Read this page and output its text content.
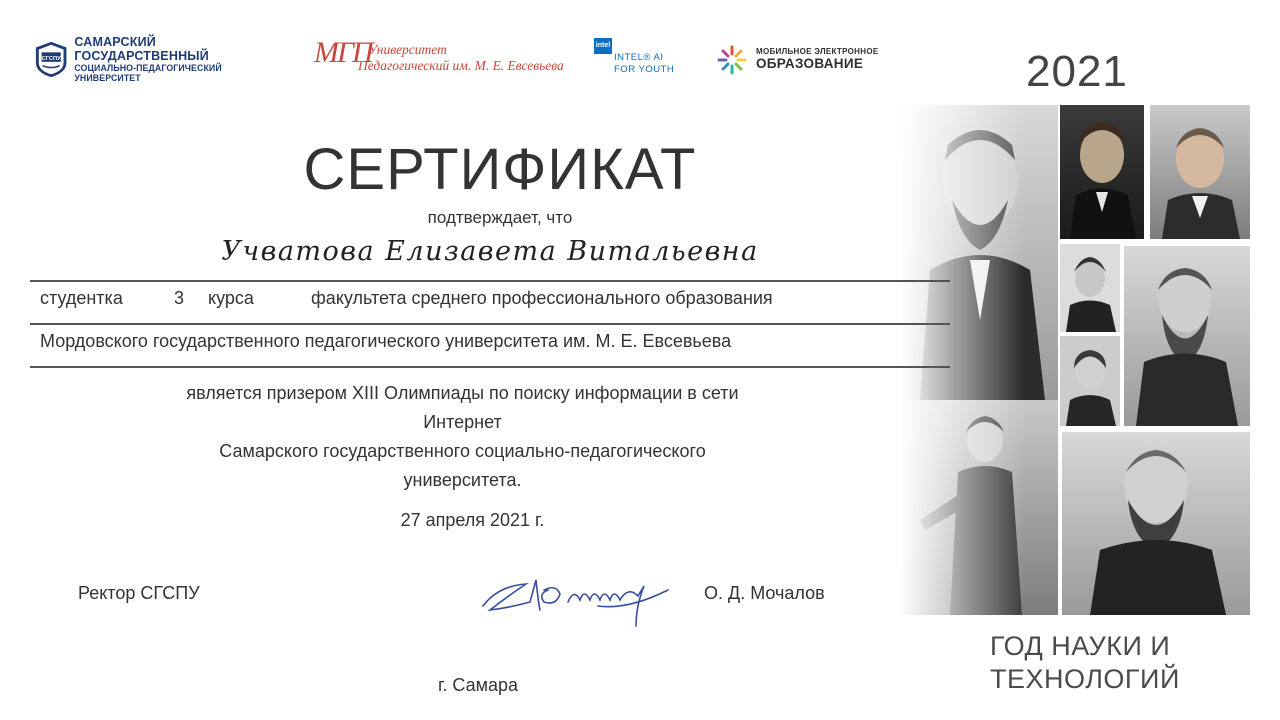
СГСПУ
САМАРСКИЙ ГОСУДАРСТВЕННЫЙ
СОЦИАЛЬНО-ПЕДАГОГИЧЕСКИЙ УНИВЕРСИТЕТ
МГП
Университет
Педагогический им. М. Е. Евсевьева
intel
INTEL® AI
FOR YOUTH
МОБИЛЬНОЕ ЭЛЕКТРОННОЕ
ОБРАЗОВАНИЕ	2021
СЕРТИФИКАТ
подтверждает, что
Учватова Елизавета Витальевна
студентка	3 курса	факультета среднего профессионального образования
Мордовского государственного педагогического университета им. М. Е. Евсевьева
является призером XIII Олимпиады по поиску информации в сети
Интернет
Самарского государственного социально-педагогического
университета.
27 апреля 2021 г.
Ректор СГСПУ	О. Д. Мочалов
г. Самара
ГОД НАУКИ И
ТЕХНОЛОГИЙ
